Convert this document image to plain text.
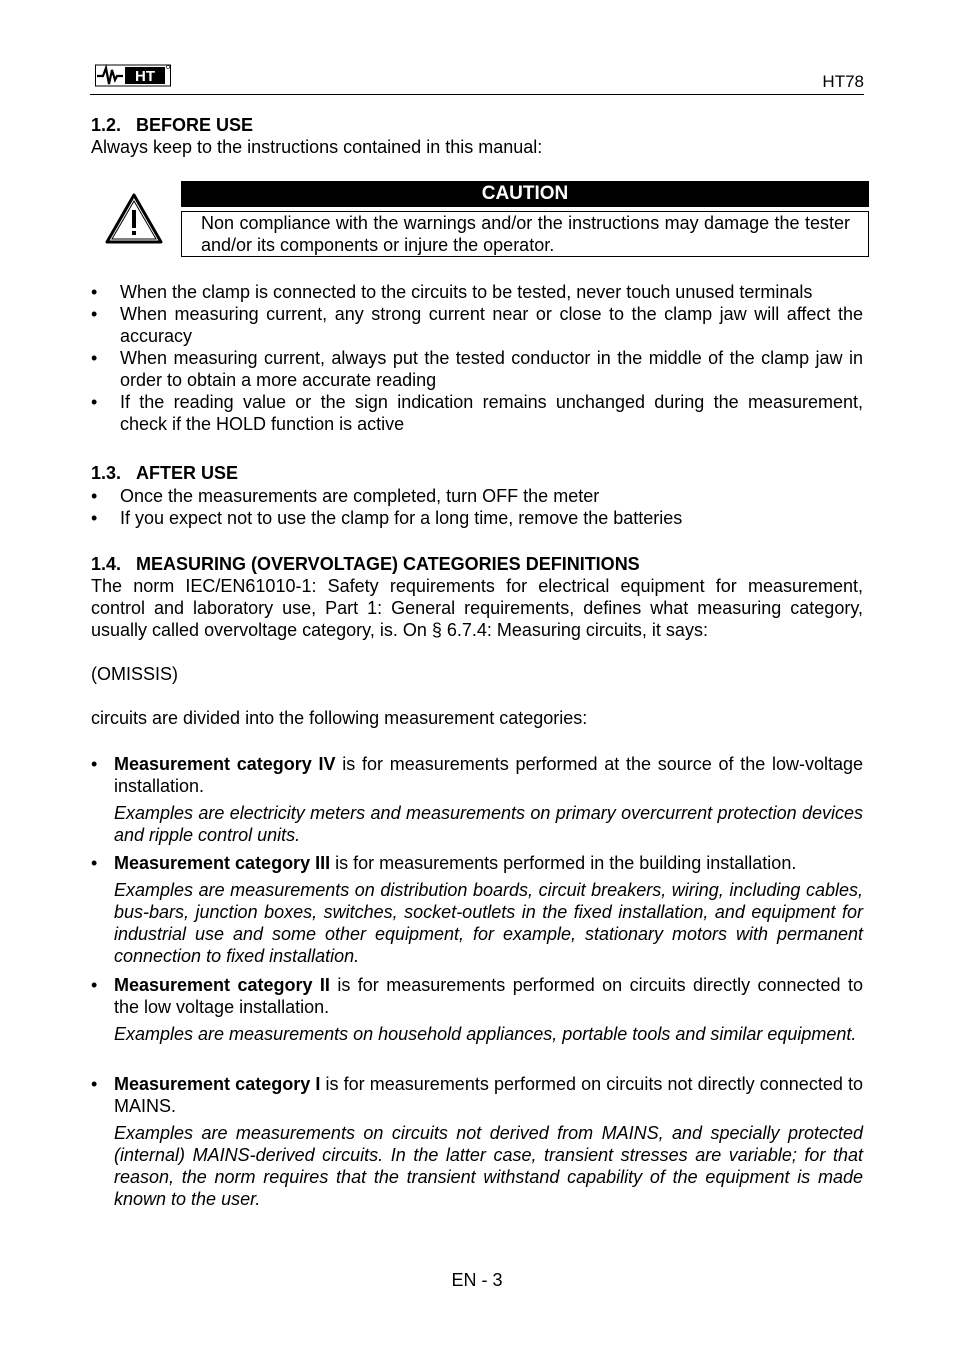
HT	HT78
1.2. BEFORE USE
Always keep to the instructions contained in this manual:
CAUTION
Non compliance with the warnings and/or the instructions may damage the tester and/or its components or injure the operator.
• When the clamp is connected to the circuits to be tested, never touch unused terminals
• When measuring current, any strong current near or close to the clamp jaw will affect the accuracy
• When measuring current, always put the tested conductor in the middle of the clamp jaw in order to obtain a more accurate reading
• If the reading value or the sign indication remains unchanged during the measurement, check if the HOLD function is active
1.3. AFTER USE
• Once the measurements are completed, turn OFF the meter
• If you expect not to use the clamp for a long time, remove the batteries
1.4. MEASURING (OVERVOLTAGE) CATEGORIES DEFINITIONS
The norm IEC/EN61010-1: Safety requirements for electrical equipment for measurement, control and laboratory use, Part 1: General requirements, defines what measuring category, usually called overvoltage category, is. On § 6.7.4: Measuring circuits, it says:
(OMISSIS)
circuits are divided into the following measurement categories:
• Measurement category IV is for measurements performed at the source of the low-voltage installation.
Examples are electricity meters and measurements on primary overcurrent protection devices and ripple control units.
• Measurement category III is for measurements performed in the building installation.
Examples are measurements on distribution boards, circuit breakers, wiring, including cables, bus-bars, junction boxes, switches, socket-outlets in the fixed installation, and equipment for industrial use and some other equipment, for example, stationary motors with permanent connection to fixed installation.
• Measurement category II is for measurements performed on circuits directly connected to the low voltage installation.
Examples are measurements on household appliances, portable tools and similar equipment.
• Measurement category I is for measurements performed on circuits not directly connected to MAINS.
Examples are measurements on circuits not derived from MAINS, and specially protected (internal) MAINS-derived circuits. In the latter case, transient stresses are variable; for that reason, the norm requires that the transient withstand capability of the equipment is made known to the user.
EN - 3
